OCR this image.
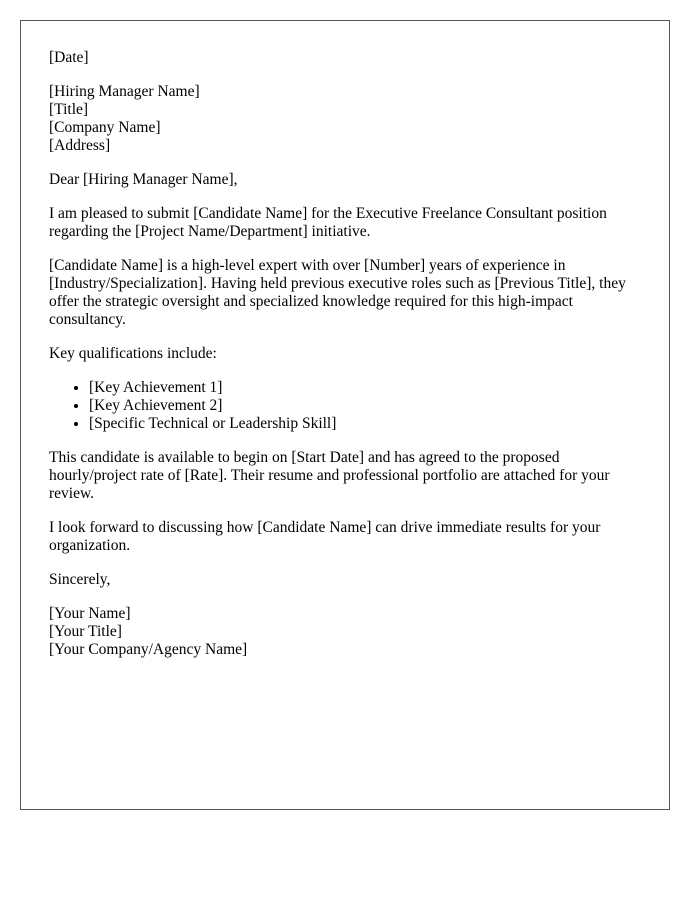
[Date]

[Hiring Manager Name]
[Title]
[Company Name]
[Address]

Dear [Hiring Manager Name],

I am pleased to submit [Candidate Name] for the Executive Freelance Consultant position regarding the [Project Name/Department] initiative.

[Candidate Name] is a high-level expert with over [Number] years of experience in [Industry/Specialization]. Having held previous executive roles such as [Previous Title], they offer the strategic oversight and specialized knowledge required for this high-impact consultancy.

Key qualifications include:

• [Key Achievement 1]
• [Key Achievement 2]
• [Specific Technical or Leadership Skill]

This candidate is available to begin on [Start Date] and has agreed to the proposed hourly/project rate of [Rate]. Their resume and professional portfolio are attached for your review.

I look forward to discussing how [Candidate Name] can drive immediate results for your organization.

Sincerely,

[Your Name]
[Your Title]
[Your Company/Agency Name]
